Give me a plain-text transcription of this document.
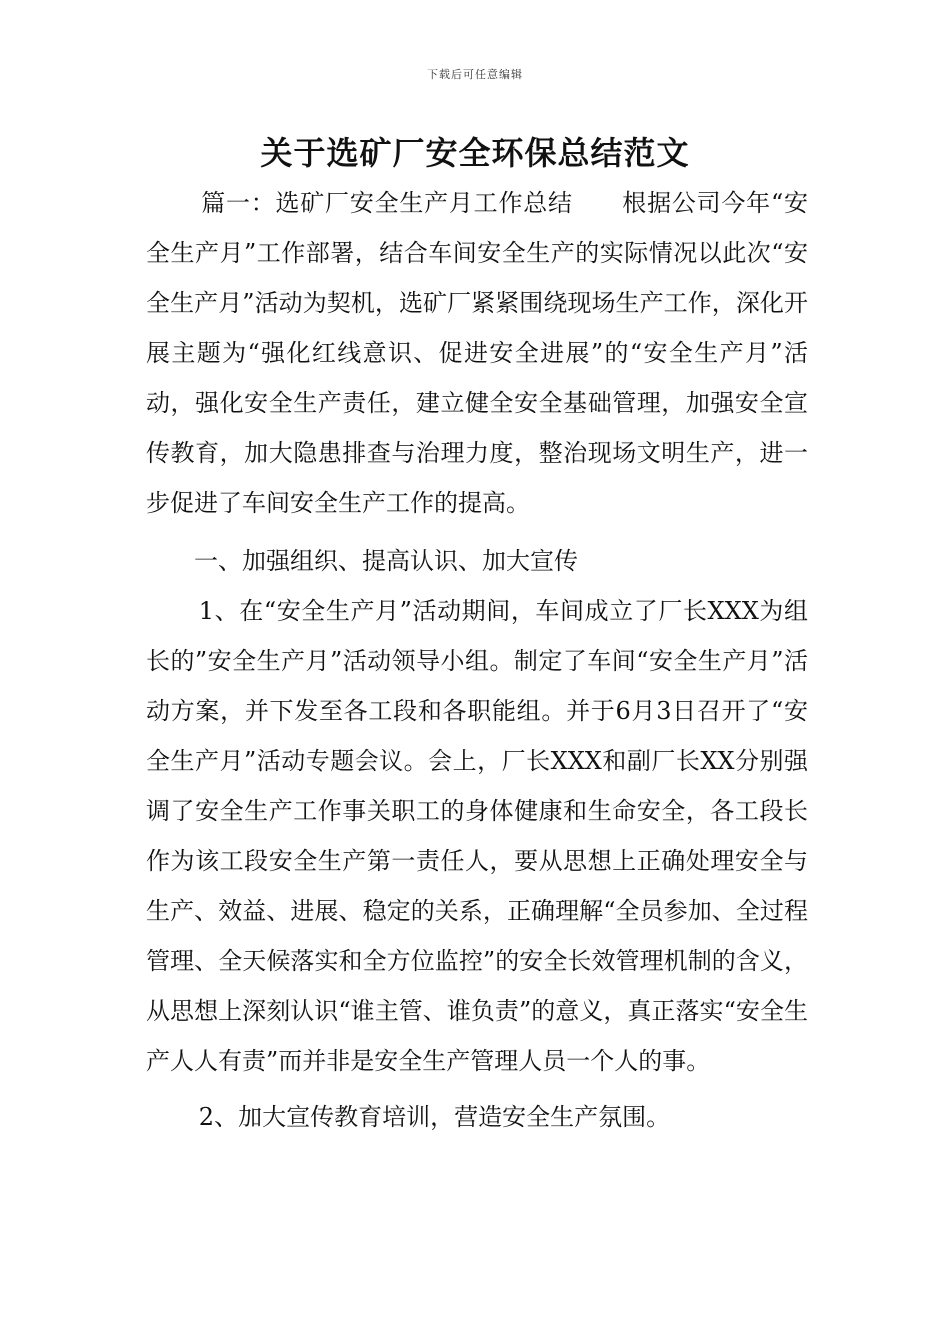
下载后可任意编辑
关于选矿厂安全环保总结范文

篇一：选矿厂安全生产月工作总结　　根据公司今年“安全生产月”工作部署，结合车间安全生产的实际情况以此次“安全生产月”活动为契机，选矿厂紧紧围绕现场生产工作，深化开展主题为“强化红线意识、促进安全进展”的“安全生产月”活动，强化安全生产责任，建立健全安全基础管理，加强安全宣传教育，加大隐患排查与治理力度，整治现场文明生产，进一步促进了车间安全生产工作的提高。

一、加强组织、提高认识、加大宣传

1、在“安全生产月”活动期间，车间成立了厂长XXX为组长的”安全生产月”活动领导小组。制定了车间“安全生产月”活动方案，并下发至各工段和各职能组。并于6月3日召开了“安全生产月”活动专题会议。会上，厂长XXX和副厂长XX分别强调了安全生产工作事关职工的身体健康和生命安全，各工段长作为该工段安全生产第一责任人，要从思想上正确处理安全与生产、效益、进展、稳定的关系，正确理解“全员参加、全过程管理、全天候落实和全方位监控”的安全长效管理机制的含义，从思想上深刻认识“谁主管、谁负责”的意义，真正落实“安全生产人人有责”而并非是安全生产管理人员一个人的事。

2、加大宣传教育培训，营造安全生产氛围。
